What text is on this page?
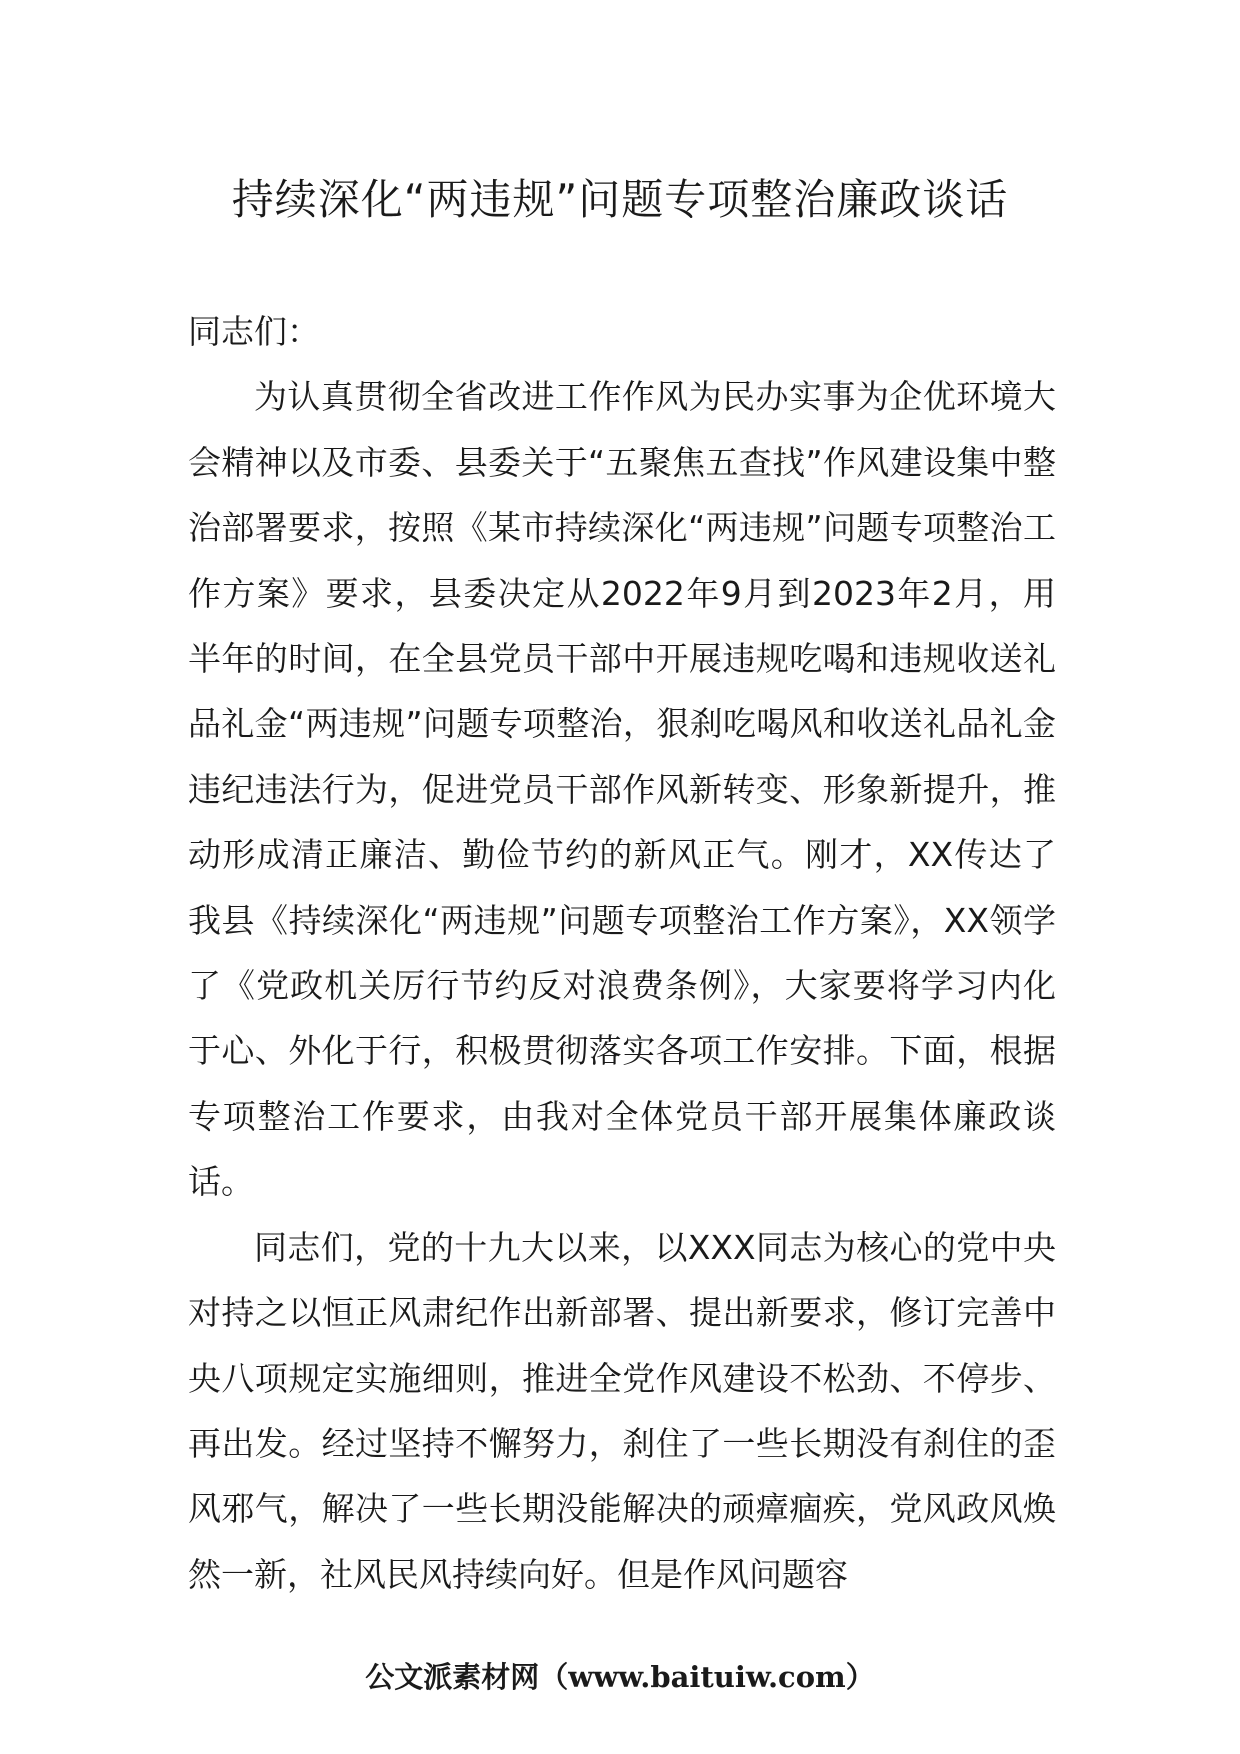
持续深化“两违规”问题专项整治廉政谈话

同志们：

为认真贯彻全省改进工作作风为民办实事为企优环境大会精神以及市委、县委关于“五聚焦五查找”作风建设集中整治部署要求，按照《某市持续深化“两违规”问题专项整治工作方案》要求，县委决定从2022年9月到2023年2月，用半年的时间，在全县党员干部中开展违规吃喝和违规收送礼品礼金“两违规”问题专项整治，狠刹吃喝风和收送礼品礼金违纪违法行为，促进党员干部作风新转变、形象新提升，推动形成清正廉洁、勤俭节约的新风正气。刚才，XX传达了我县《持续深化“两违规”问题专项整治工作方案》，XX领学了《党政机关厉行节约反对浪费条例》，大家要将学习内化于心、外化于行，积极贯彻落实各项工作安排。下面，根据专项整治工作要求，由我对全体党员干部开展集体廉政谈话。

同志们，党的十九大以来，以XXX同志为核心的党中央对持之以恒正风肃纪作出新部署、提出新要求，修订完善中央八项规定实施细则，推进全党作风建设不松劲、不停步、再出发。经过坚持不懈努力，刹住了一些长期没有刹住的歪风邪气，解决了一些长期没能解决的顽瘴痼疾，党风政风焕然一新，社风民风持续向好。但是作风问题容

公文派素材网（www.baituiw.com）
